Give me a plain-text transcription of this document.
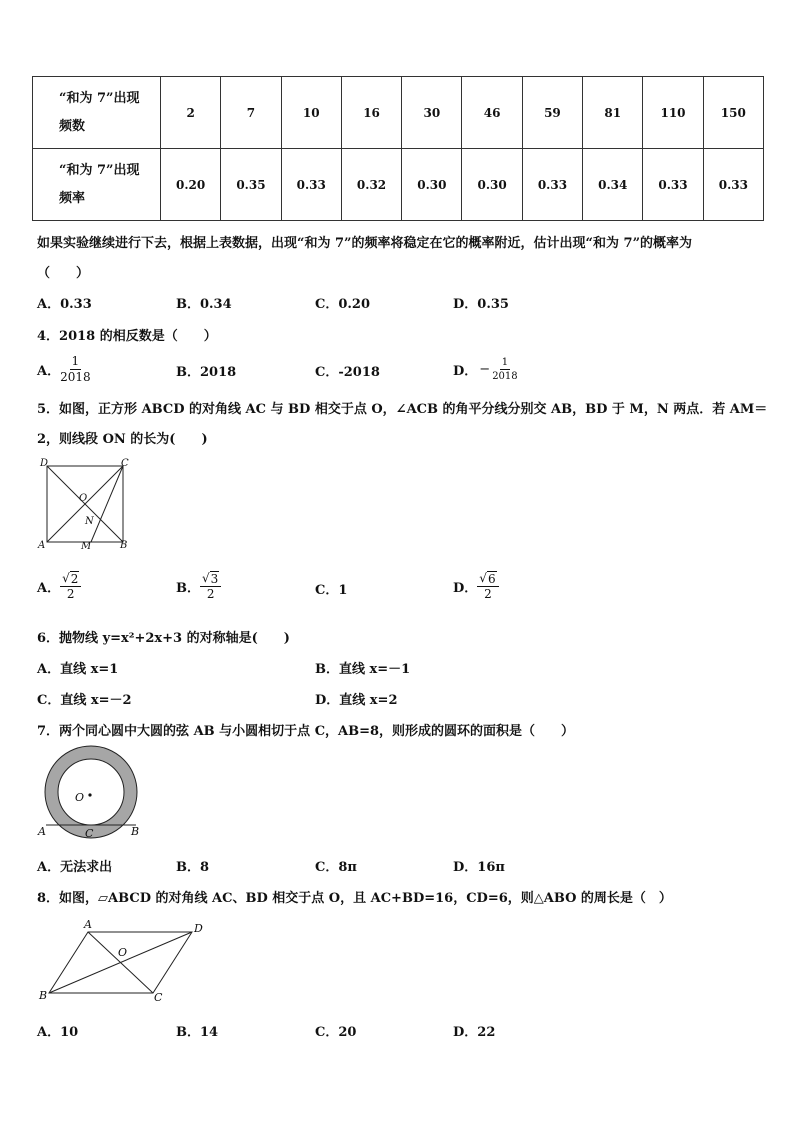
“和为 7”出现频数	2	7	10	16	30	46	59	81	110	150
“和为 7”出现频率	0.20	0.35	0.33	0.32	0.30	0.30	0.33	0.34	0.33	0.33
如果实验继续进行下去，根据上表数据，出现“和为 7”的频率将稳定在它的概率附近，估计出现“和为 7”的概率为
（　　）
A．0.33	B．0.34	C．0.20	D．0.35
4．2018 的相反数是（　　）
A． $\frac{1}{2018}$	B．2018	C．-2018	D． − $\frac{1}{2018}$
5．如图，正方形 ABCD 的对角线 AC 与 BD 相交于点 O，∠ACB 的角平分线分别交 AB，BD 于 M，N 两点．若 AM＝
2，则线段 ON 的长为(　　)
D	C
A	B
O
N
M
A． $\frac{√ 2}{2}$	B． $\frac{√ 3}{2}$	C．1	D． $\frac{√ 6}{2}$
6．抛物线 y=x²+2x+3 的对称轴是(　　)
A．直线 x=1	B．直线 x=－1
C．直线 x=－2	D．直线 x=2
7．两个同心圆中大圆的弦 AB 与小圆相切于点 C，AB=8，则形成的圆环的面积是（　　）
O
A	B
C
A．无法求出	B．8	C．8π	D．16π
8．如图，▱ABCD 的对角线 AC、BD 相交于点 O，且 AC+BD=16，CD=6，则△ABO 的周长是（　）
A	D
B	C
O
A．10	B．14	C．20	D．22
